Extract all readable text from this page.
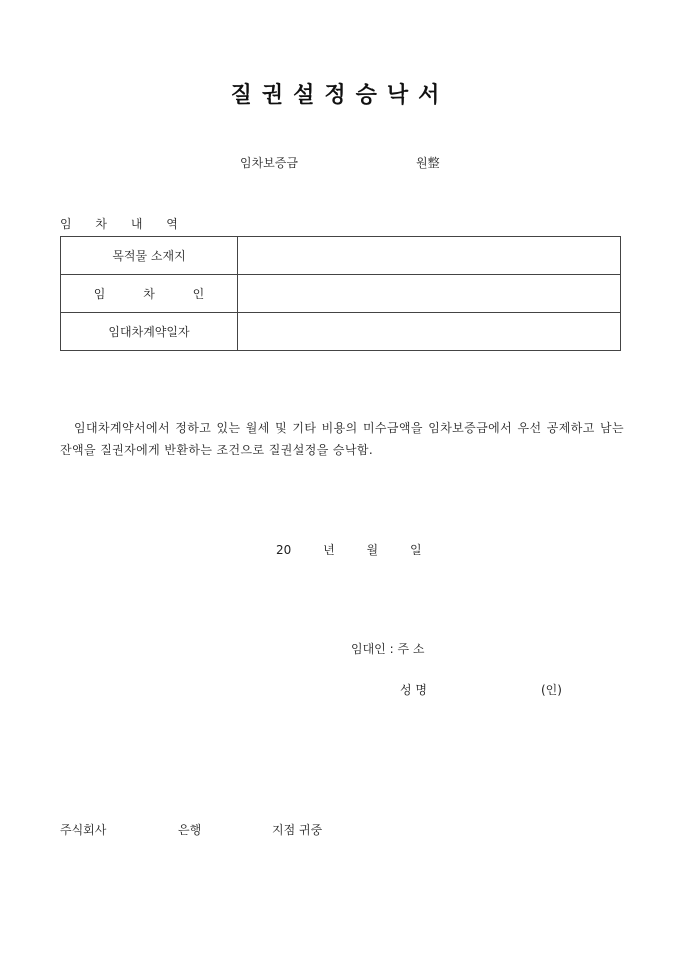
질권설정승낙서
임차보증금	원整
임 차 내 역
목적물 소재지	
임 차 인	
임대차계약일자	
임대차계약서에서 정하고 있는 월세 및 기타 비용의 미수금액을 임차보증금에서 우선 공제하고 남는 잔액을 질권자에게 반환하는 조건으로 질권설정을 승낙함.
20	년	월	일
임대인 : 주 소
성 명	(인)
주식회사	은행	지점 귀중
